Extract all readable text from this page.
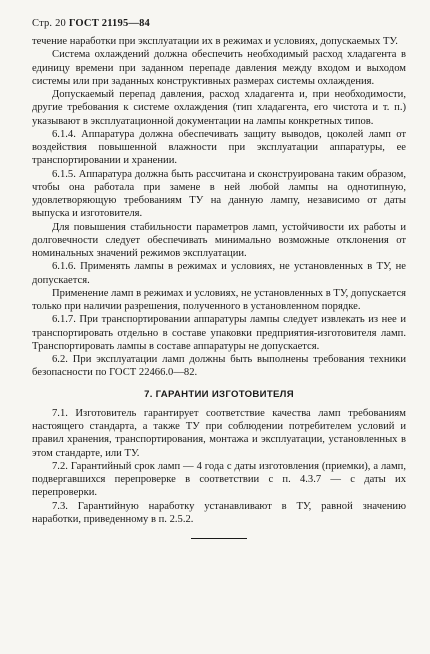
Стр. 20 ГОСТ 21195—84

течение наработки при эксплуатации их в режимах и условиях, допускаемых ТУ.

Система охлаждений должна обеспечить необходимый расход хладагента в единицу времени при заданном перепаде давления между входом и выходом системы или при заданных конструктивных размерах системы охлаждения.

Допускаемый перепад давления, расход хладагента и, при необходимости, другие требования к системе охлаждения (тип хладагента, его чистота и т. п.) указывают в эксплуатационной документации на лампы конкретных типов.

6.1.4. Аппаратура должна обеспечивать защиту выводов, цоколей ламп от воздействия повышенной влажности при эксплуатации аппаратуры, ее транспортировании и хранении.

6.1.5. Аппаратура должна быть рассчитана и сконструирована таким образом, чтобы она работала при замене в ней любой лампы на однотипную, удовлетворяющую требованиям ТУ на данную лампу, независимо от даты выпуска и изготовителя.

Для повышения стабильности параметров ламп, устойчивости их работы и долговечности следует обеспечивать минимально возможные отклонения от номинальных значений режимов эксплуатации.

6.1.6. Применять лампы в режимах и условиях, не установленных в ТУ, не допускается.

Применение ламп в режимах и условиях, не установленных в ТУ, допускается только при наличии разрешения, полученного в установленном порядке.

6.1.7. При транспортировании аппаратуры лампы следует извлекать из нее и транспортировать отдельно в составе упаковки предприятия-изготовителя ламп. Транспортировать лампы в составе аппаратуры не допускается.

6.2. При эксплуатации ламп должны быть выполнены требования техники безопасности по ГОСТ 22466.0—82.

7. ГАРАНТИИ ИЗГОТОВИТЕЛЯ

7.1. Изготовитель гарантирует соответствие качества ламп требованиям настоящего стандарта, а также ТУ при соблюдении потребителем условий и правил хранения, транспортирования, монтажа и эксплуатации, установленных в этом стандарте, или ТУ.

7.2. Гарантийный срок ламп — 4 года с даты изготовления (приемки), а ламп, подвергавшихся перепроверке в соответствии с п. 4.3.7 — с даты их перепроверки.

7.3. Гарантийную наработку устанавливают в ТУ, равной значению наработки, приведенному в п. 2.5.2.
